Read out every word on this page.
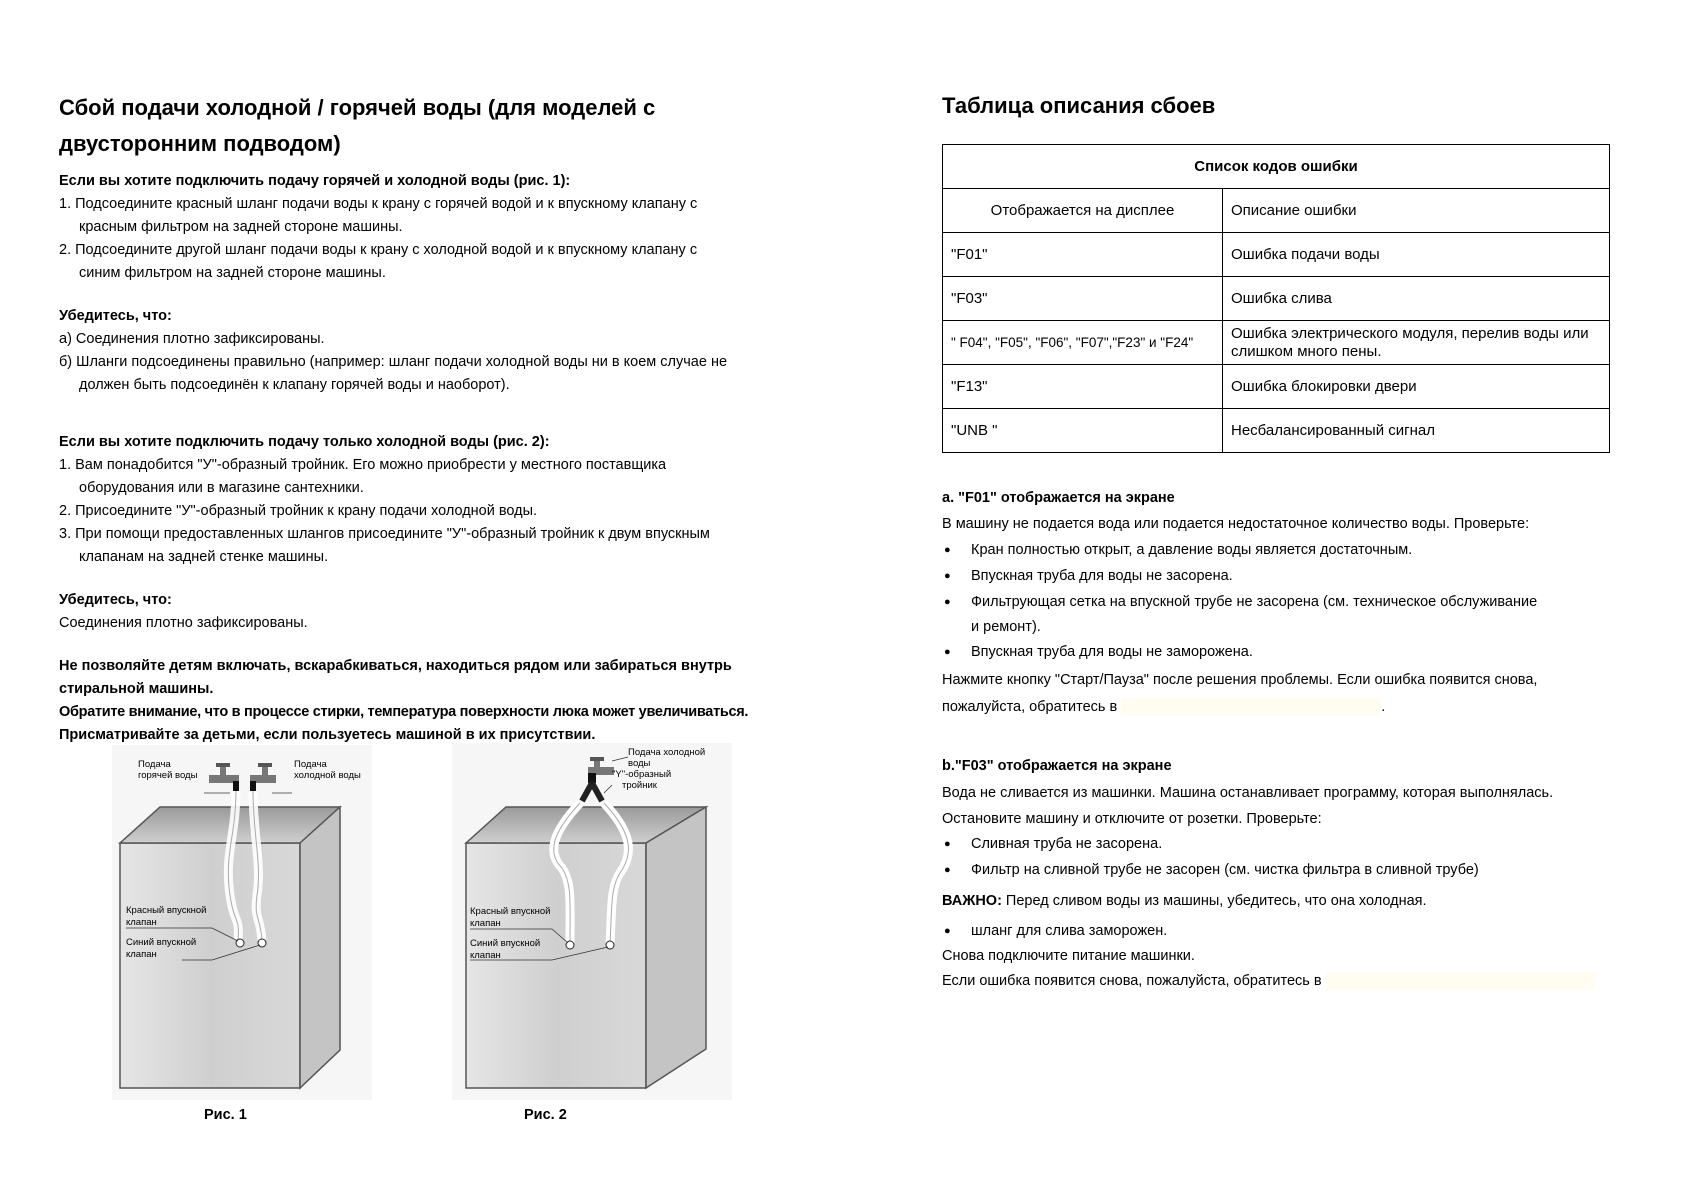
Сбой подачи холодной / горячей воды (для моделей с двусторонним подводом)

Если вы хотите подключить подачу горячей и холодной воды (рис. 1):

1. Подсоедините красный шланг подачи воды к крану с горячей водой и к впускному клапану с

красным фильтром на задней стороне машины.

2. Подсоедините другой шланг подачи воды к крану с холодной водой и к впускному клапану с

синим фильтром на задней стороне машины.

Убедитесь, что:

а) Соединения плотно зафиксированы.

б) Шланги подсоединены правильно (например: шланг подачи холодной воды ни в коем случае не

должен быть подсоединён к клапану горячей воды и наоборот).

Если вы хотите подключить подачу только холодной воды (рис. 2):

1. Вам понадобится "У"-образный тройник. Его можно приобрести у местного поставщика

оборудования или в магазине сантехники.

2. Присоедините "У"-образный тройник к крану подачи холодной воды.

3. При помощи предоставленных шлангов присоедините "У"-образный тройник к двум впускным

клапанам на задней стенке машины.

Убедитесь, что:

Соединения плотно зафиксированы.

Не позволяйте детям включать, вскарабкиваться, находиться рядом или забираться внутрь

стиральной машины.

Обратите внимание, что в процессе стирки, температура поверхности люка может увеличиваться.

Присматривайте за детьми, если пользуетесь машиной в их присутствии.

Подача
горячей воды
Подача
холодной воды
Красный впускной
клапан
Синий впускной
клапан
Рис. 1
Подача холодной
воды
"Y"-образный
тройник
Красный впускной
клапан
Синий впускной
клапан
Рис. 2
Таблица описания сбоев
Список кодов ошибки	
Отображается на дисплее	Описание ошибки
"F01"	Ошибка подачи воды
"F03"	Ошибка слива
" F04", "F05", "F06", "F07","F23" и "F24"	Ошибка электрического модуля, перелив воды или слишком много пены.
"F13"	Ошибка блокировки двери
"UNB "	Несбалансированный сигнал

a. "F01" отображается на экране

В машину не подается вода или подается недостаточное количество воды. Проверьте:

● Кран полностью открыт, а давление воды является достаточным.

● Впускная труба для воды не засорена.

● Фильтрующая сетка на впускной трубе не засорена (см. техническое обслуживание

и ремонт).

● Впускная труба для воды не заморожена.

Нажмите кнопку "Старт/Пауза" после решения проблемы. Если ошибка появится снова,

пожалуйста, обратитесь в	.

b."F03" отображается на экране

Вода не сливается из машинки. Машина останавливает программу, которая выполнялась.

Остановите машину и отключите от розетки. Проверьте:

● Сливная труба не засорена.

● Фильтр на сливной трубе не засорен (см. чистка фильтра в сливной трубе)

ВАЖНО: Перед сливом воды из машины, убедитесь, что она холодная.

● шланг для слива заморожен.

Снова подключите питание машинки.

Если ошибка появится снова, пожалуйста, обратитесь в
